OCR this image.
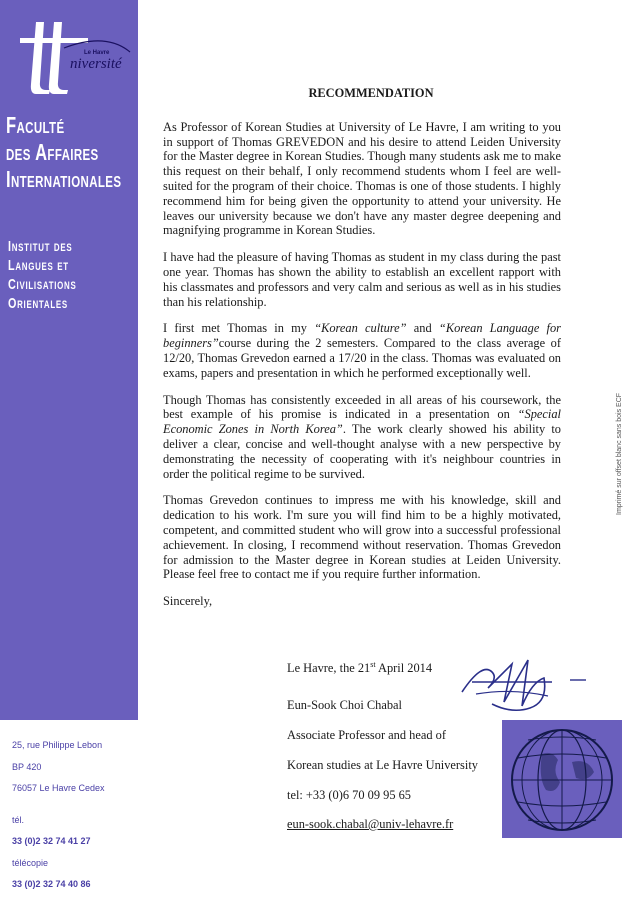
Le Havre
niversité
Faculté
des Affaires
Internationales
Institut des
Langues et
Civilisations
Orientales
25, rue Philippe Lebon
BP 420
76057 Le Havre Cedex
tél.
33 (0)2 32 74 41 27
télécopie
33 (0)2 32 74 40 86
Imprimé sur offset blanc sans bois ECF
RECOMMENDATION

As Professor of Korean Studies at University of Le Havre, I am writing to you in support of Thomas GREVEDON and his desire to attend Leiden University for the Master degree in Korean Studies. Though many students ask me to make this request on their behalf, I only recommend students whom I feel are well-suited for the program of their choice. Thomas is one of those students. I highly recommend him for being given the opportunity to attend your university. He leaves our university because we don't have any master degree deepening and magnifying programme in Korean Studies.

I have had the pleasure of having Thomas as student in my class during the past one year. Thomas has shown the ability to establish an excellent rapport with his classmates and professors and very calm and serious as well as in his studies than his relationship.

I first met Thomas in my “Korean culture” and “Korean Language for beginners”course during the 2 semesters. Compared to the class average of 12/20, Thomas Grevedon earned a 17/20 in the class. Thomas was evaluated on exams, papers and presentation in which he performed exceptionally well.

Though Thomas has consistently exceeded in all areas of his coursework, the best example of his promise is indicated in a presentation on “Special Economic Zones in North Korea”. The work clearly showed his ability to deliver a clear, concise and well-thought analyse with a new perspective by demonstrating the necessity of cooperating with it's neighbour countries in order the political regime to be survived.

Thomas Grevedon continues to impress me with his knowledge, skill and dedication to his work. I'm sure you will find him to be a highly motivated, competent, and committed student who will grow into a successful professional achievement. In closing, I recommend without reservation. Thomas Grevedon for admission to the Master degree in Korean studies at Leiden University. Please feel free to contact me if you require further information.

Sincerely,

Le Havre, the 21st April 2014
Eun-Sook Choi Chabal
Associate Professor and head of
Korean studies at Le Havre University
tel: +33 (0)6 70 09 95 65
eun-sook.chabal@univ-lehavre.fr
